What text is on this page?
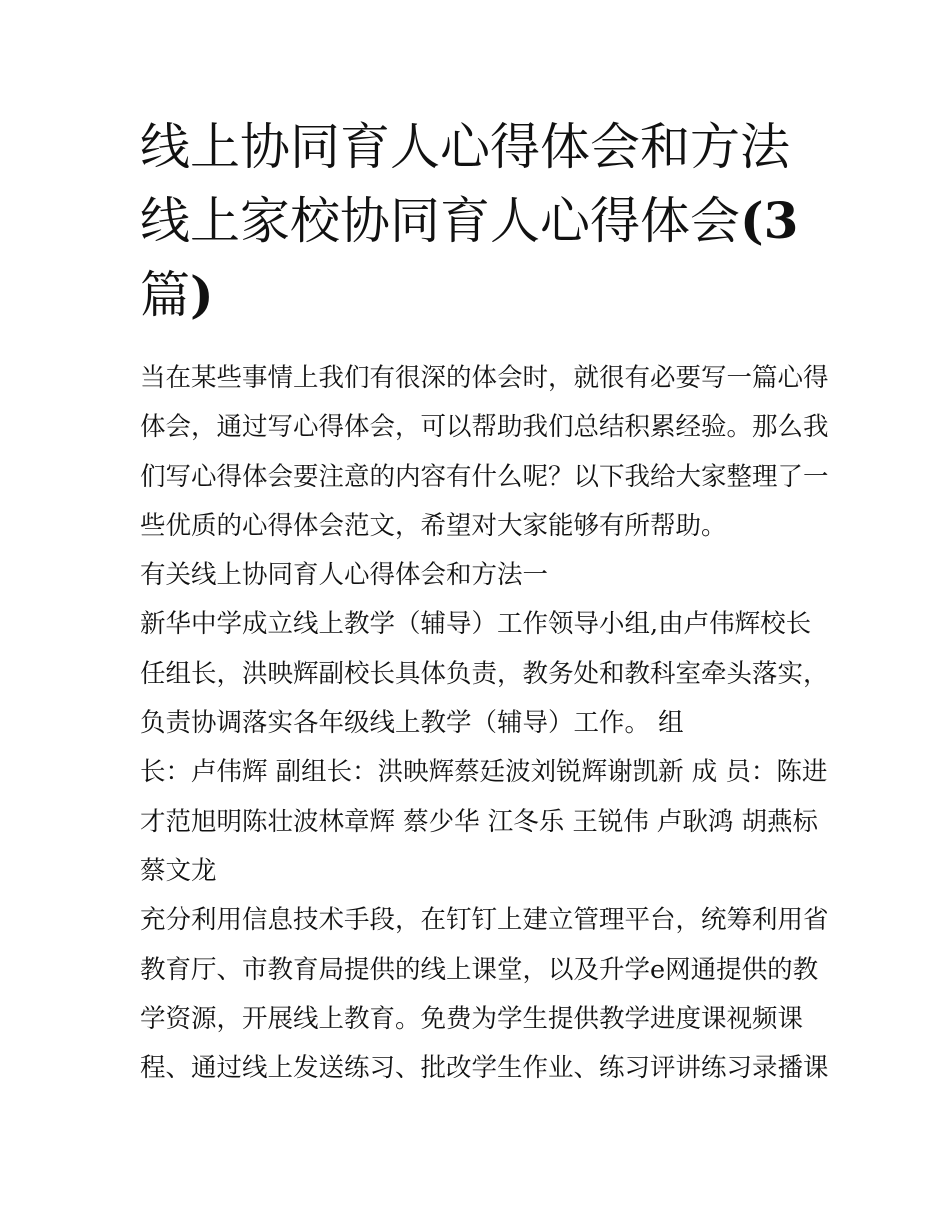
线上协同育人心得体会和方法
线上家校协同育人心得体会(3
篇)
当在某些事情上我们有很深的体会时，就很有必要写一篇心得
体会，通过写心得体会，可以帮助我们总结积累经验。那么我
们写心得体会要注意的内容有什么呢？以下我给大家整理了一
些优质的心得体会范文，希望对大家能够有所帮助。
有关线上协同育人心得体会和方法一
新华中学成立线上教学（辅导）工作领导小组,由卢伟辉校长
任组长，洪映辉副校长具体负责，教务处和教科室牵头落实，
负责协调落实各年级线上教学（辅导）工作。 组
长：卢伟辉 副组长：洪映辉蔡廷波刘锐辉谢凯新 成 员：陈进
才范旭明陈壮波林章辉 蔡少华 江冬乐 王锐伟 卢耿鸿 胡燕标
蔡文龙
充分利用信息技术手段，在钉钉上建立管理平台，统筹利用省
教育厅、市教育局提供的线上课堂，以及升学e网通提供的教
学资源，开展线上教育。免费为学生提供教学进度课视频课
程、通过线上发送练习、批改学生作业、练习评讲练习录播课
